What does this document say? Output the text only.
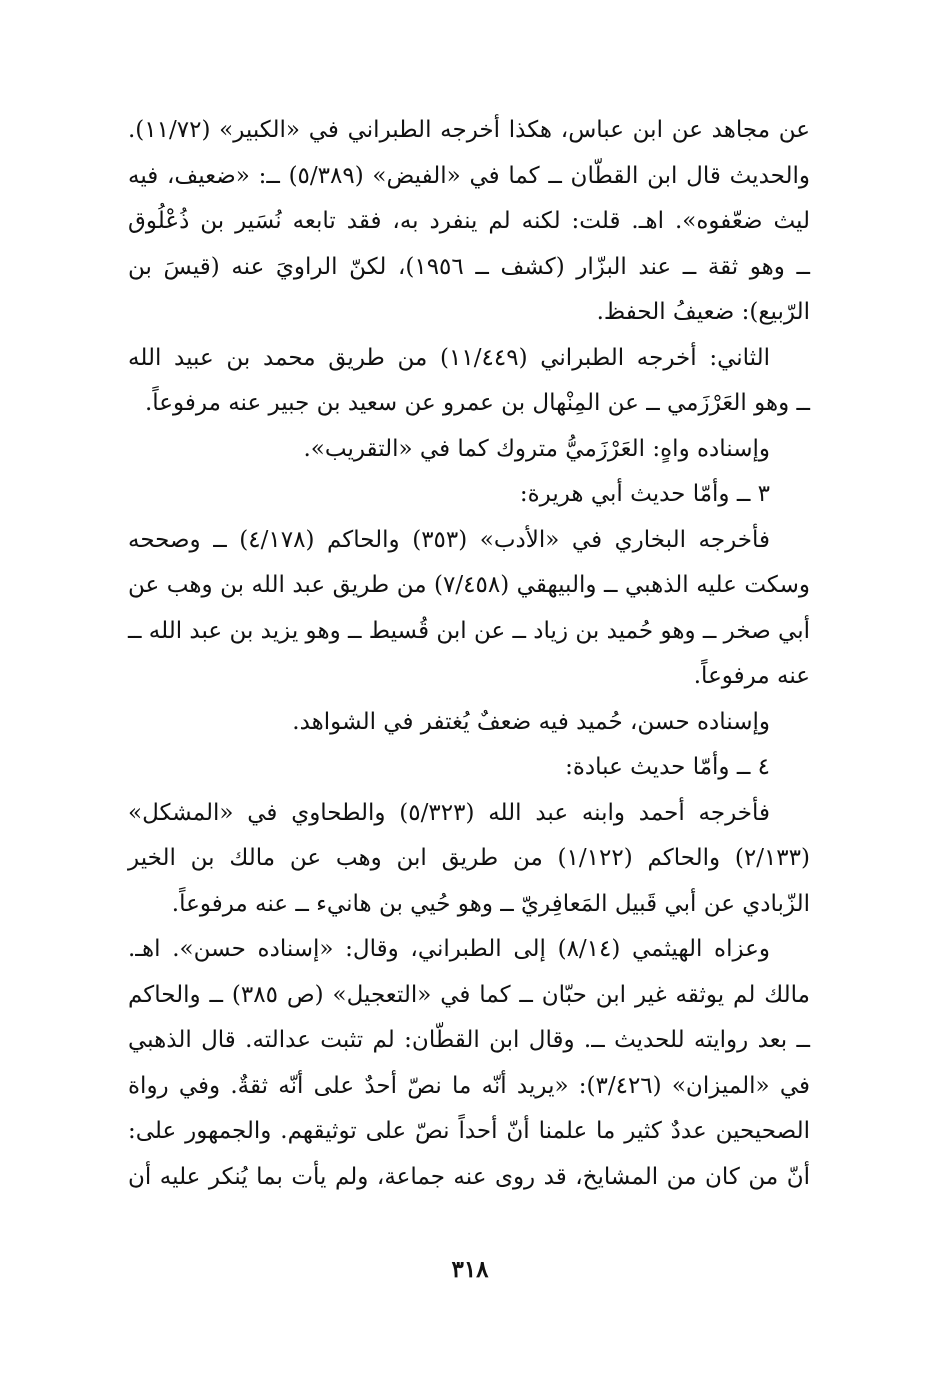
عن مجاهد عن ابن عباس، هكذا أخرجه الطبراني في «الكبير» (١١/٧٢).
والحديث قال ابن القطّان ــ كما في «الفيض» (٥/٣٨٩) ــ: «ضعيف، فيه
ليث ضعّفوه». اهـ. قلت: لكنه لم ينفرد به، فقد تابعه نُسَير بن ذُعْلُوق
ــ وهو ثقة ــ عند البزّار (كشف ــ ١٩٥٦)، لكنّ الراويَ عنه (قيسَ بن
الرّبيع): ضعيفُ الحفظ.
الثاني: أخرجه الطبراني (١١/٤٤٩) من طريق محمد بن عبيد الله
ــ وهو العَرْزَمي ــ عن المِنْهال بن عمرو عن سعيد بن جبير عنه مرفوعاً.
وإسناده واهٍ: العَرْزَميُّ متروك كما في «التقريب».
٣ ــ وأمّا حديث أبي هريرة:
فأخرجه البخاري في «الأدب» (٣٥٣) والحاكم (٤/١٧٨) ــ وصححه
وسكت عليه الذهبي ــ والبيهقي (٧/٤٥٨) من طريق عبد الله بن وهب عن
أبي صخر ــ وهو حُميد بن زياد ــ عن ابن قُسيط ــ وهو يزيد بن عبد الله ــ
عنه مرفوعاً.
وإسناده حسن، حُميد فيه ضعفٌ يُغتفر في الشواهد.
٤ ــ وأمّا حديث عبادة:
فأخرجه أحمد وابنه عبد الله (٥/٣٢٣) والطحاوي في «المشكل»
(٢/١٣٣) والحاكم (١/١٢٢) من طريق ابن وهب عن مالك بن الخير
الزّبادي عن أبي قَبيل المَعافِريّ ــ وهو حُيي بن هانيء ــ عنه مرفوعاً.
وعزاه الهيثمي (٨/١٤) إلى الطبراني، وقال: «إسناده حسن». اهـ.
مالك لم يوثقه غير ابن حبّان ــ كما في «التعجيل» (ص ٣٨٥) ــ والحاكم
ــ بعد روايته للحديث ــ. وقال ابن القطّان: لم تثبت عدالته. قال الذهبي
في «الميزان» (٣/٤٢٦): «يريد أنّه ما نصّ أحدٌ على أنّه ثقةٌ. وفي رواة
الصحيحين عددٌ كثير ما علمنا أنّ أحداً نصّ على توثيقهم. والجمهور على:
أنّ من كان من المشايخ، قد روى عنه جماعة، ولم يأت بما يُنكر عليه أن
٣١٨
